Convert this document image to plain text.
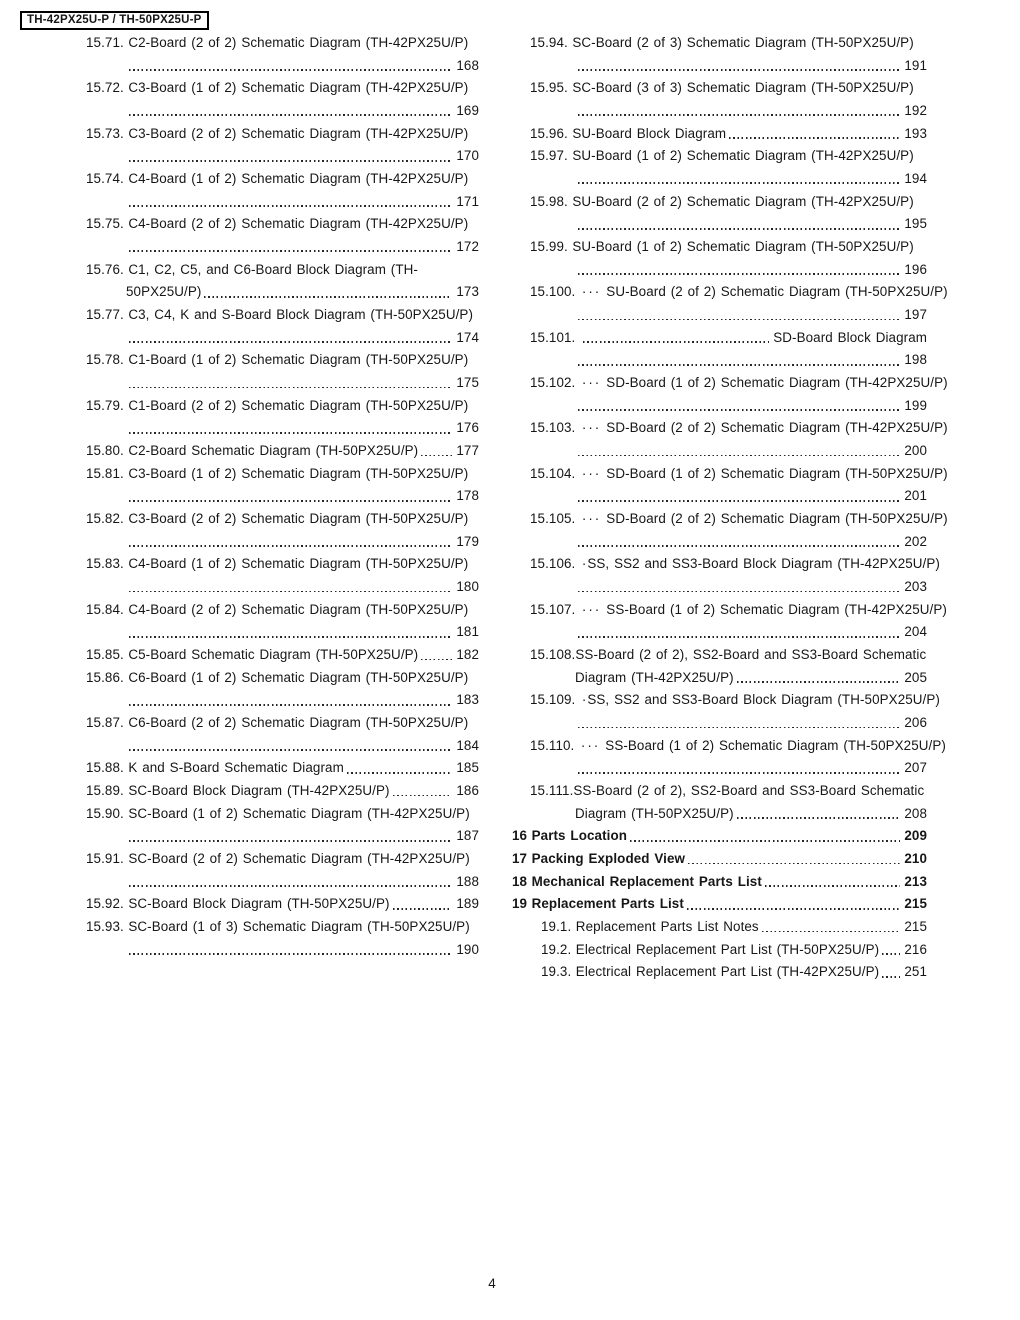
TH-42PX25U-P / TH-50PX25U-P
15.71. C2-Board (2 of 2) Schematic Diagram (TH-42PX25U/P)
168
15.72. C3-Board (1 of 2) Schematic Diagram (TH-42PX25U/P)
169
15.73. C3-Board (2 of 2) Schematic Diagram (TH-42PX25U/P)
170
15.74. C4-Board (1 of 2) Schematic Diagram (TH-42PX25U/P)
171
15.75. C4-Board (2 of 2) Schematic Diagram (TH-42PX25U/P)
172
15.76. C1, C2, C5, and C6-Board Block Diagram (TH-
50PX25U/P)	173
15.77. C3, C4, K and S-Board Block Diagram (TH-50PX25U/P)
174
15.78. C1-Board (1 of 2) Schematic Diagram (TH-50PX25U/P)
175
15.79. C1-Board (2 of 2) Schematic Diagram (TH-50PX25U/P)
176
15.80. C2-Board Schematic Diagram (TH-50PX25U/P)	177
15.81. C3-Board (1 of 2) Schematic Diagram (TH-50PX25U/P)
178
15.82. C3-Board (2 of 2) Schematic Diagram (TH-50PX25U/P)
179
15.83. C4-Board (1 of 2) Schematic Diagram (TH-50PX25U/P)
180
15.84. C4-Board (2 of 2) Schematic Diagram (TH-50PX25U/P)
181
15.85. C5-Board Schematic Diagram (TH-50PX25U/P)	182
15.86. C6-Board (1 of 2) Schematic Diagram (TH-50PX25U/P)
183
15.87. C6-Board (2 of 2) Schematic Diagram (TH-50PX25U/P)
184
15.88. K and S-Board Schematic Diagram	185
15.89. SC-Board Block Diagram (TH-42PX25U/P)	186
15.90. SC-Board (1 of 2) Schematic Diagram (TH-42PX25U/P)
187
15.91. SC-Board (2 of 2) Schematic Diagram (TH-42PX25U/P)
188
15.92. SC-Board Block Diagram (TH-50PX25U/P)	189
15.93. SC-Board (1 of 3) Schematic Diagram (TH-50PX25U/P)
190
15.94. SC-Board (2 of 3) Schematic Diagram (TH-50PX25U/P)
191
15.95. SC-Board (3 of 3) Schematic Diagram (TH-50PX25U/P)
192
15.96. SU-Board Block Diagram	193
15.97. SU-Board (1 of 2) Schematic Diagram (TH-42PX25U/P)
194
15.98. SU-Board (2 of 2) Schematic Diagram (TH-42PX25U/P)
195
15.99. SU-Board (1 of 2) Schematic Diagram (TH-50PX25U/P)
196
15.100. ··· SU-Board (2 of 2) Schematic Diagram (TH-50PX25U/P)
197
15.101.	SD-Board Block Diagram
198
15.102. ··· SD-Board (1 of 2) Schematic Diagram (TH-42PX25U/P)
199
15.103. ··· SD-Board (2 of 2) Schematic Diagram (TH-42PX25U/P)
200
15.104. ··· SD-Board (1 of 2) Schematic Diagram (TH-50PX25U/P)
201
15.105. ··· SD-Board (2 of 2) Schematic Diagram (TH-50PX25U/P)
202
15.106. · SS, SS2 and SS3-Board Block Diagram (TH-42PX25U/P)
203
15.107. ··· SS-Board (1 of 2) Schematic Diagram (TH-42PX25U/P)
204
15.108. SS-Board (2 of 2), SS2-Board and SS3-Board Schematic
Diagram (TH-42PX25U/P)	205
15.109. · SS, SS2 and SS3-Board Block Diagram (TH-50PX25U/P)
206
15.110. ··· SS-Board (1 of 2) Schematic Diagram (TH-50PX25U/P)
207
15.111. SS-Board (2 of 2), SS2-Board and SS3-Board Schematic
Diagram (TH-50PX25U/P)	208
16 Parts Location	209
17 Packing Exploded View	210
18 Mechanical Replacement Parts List	213
19 Replacement Parts List	215
19.1. Replacement Parts List Notes	215
19.2. Electrical Replacement Part List (TH-50PX25U/P) 216
19.3. Electrical Replacement Part List (TH-42PX25U/P) 251
4
